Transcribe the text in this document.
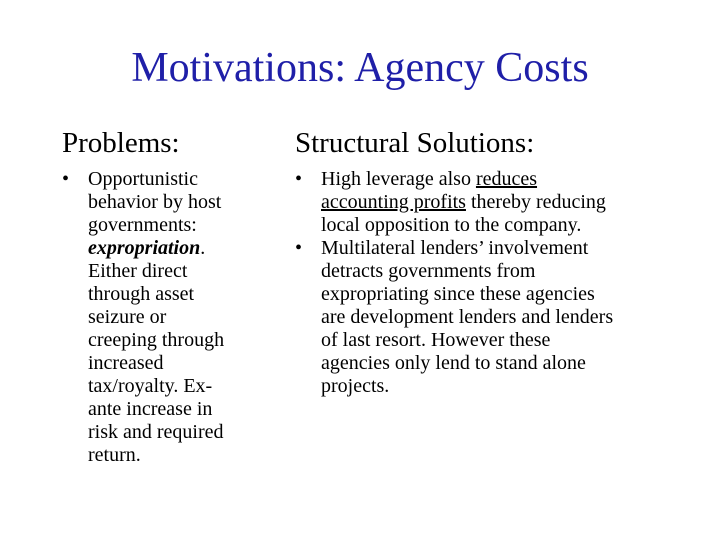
Motivations: Agency Costs
Problems:	Structural Solutions:
• Opportunistic
behavior by host
governments:
expropriation.
Either direct
through asset
seizure or
creeping through
increased
tax/royalty. Ex-
ante increase in
risk and required
return.
• High leverage also reduces
accounting profits thereby reducing
local opposition to the company.
• Multilateral lenders’ involvement
detracts governments from
expropriating since these agencies
are development lenders and lenders
of last resort. However these
agencies only lend to stand alone
projects.
